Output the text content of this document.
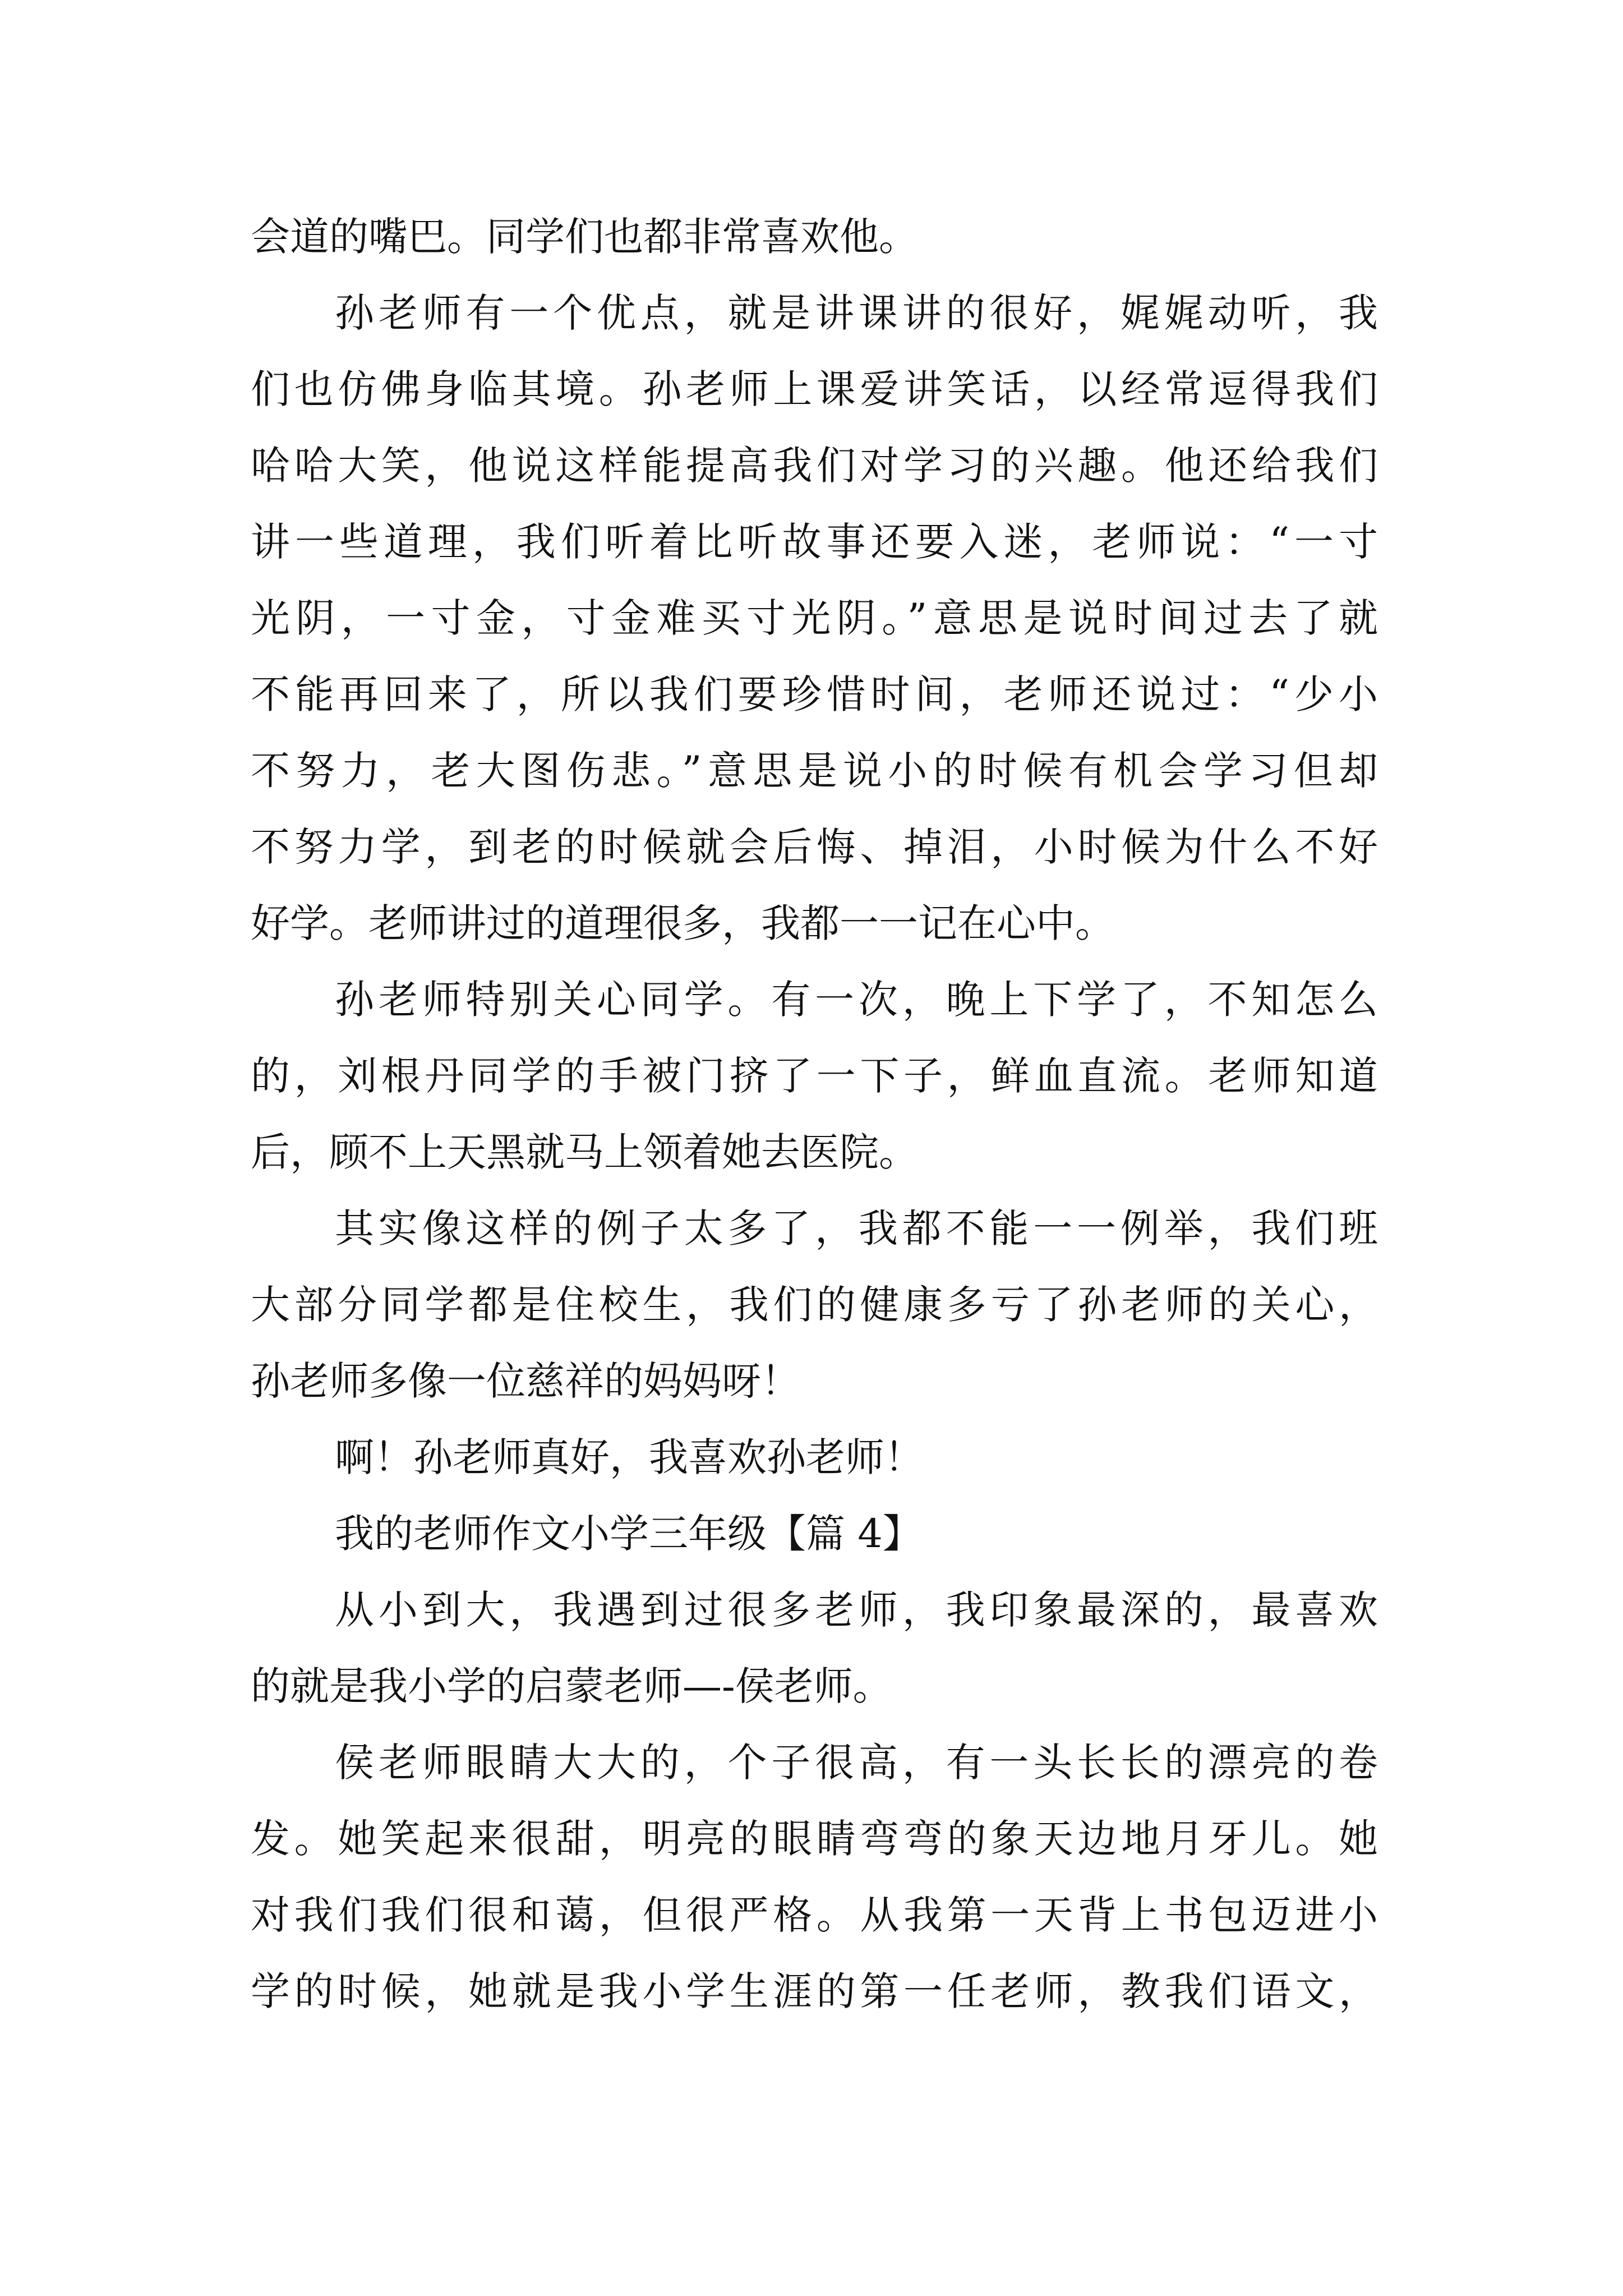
会道的嘴巴。同学们也都非常喜欢他。
孙老师有一个优点，就是讲课讲的很好，娓娓动听，我
们也仿佛身临其境。孙老师上课爱讲笑话，以经常逗得我们
哈哈大笑，他说这样能提高我们对学习的兴趣。他还给我们
讲一些道理，我们听着比听故事还要入迷，老师说：“一寸
光阴，一寸金，寸金难买寸光阴。”意思是说时间过去了就
不能再回来了，所以我们要珍惜时间，老师还说过：“少小
不努力，老大图伤悲。”意思是说小的时候有机会学习但却
不努力学，到老的时候就会后悔、掉泪，小时候为什么不好
好学。老师讲过的道理很多，我都一一记在心中。
孙老师特别关心同学。有一次，晚上下学了，不知怎么
的，刘根丹同学的手被门挤了一下子，鲜血直流。老师知道
后，顾不上天黑就马上领着她去医院。
其实像这样的例子太多了，我都不能一一例举，我们班
大部分同学都是住校生，我们的健康多亏了孙老师的关心，
孙老师多像一位慈祥的妈妈呀！
啊！孙老师真好，我喜欢孙老师！
我的老师作文小学三年级【篇 4】
从小到大，我遇到过很多老师，我印象最深的，最喜欢
的就是我小学的启蒙老师—-侯老师。
侯老师眼睛大大的，个子很高，有一头长长的漂亮的卷
发。她笑起来很甜，明亮的眼睛弯弯的象天边地月牙儿。她
对我们我们很和蔼，但很严格。从我第一天背上书包迈进小
学的时候，她就是我小学生涯的第一任老师，教我们语文，
